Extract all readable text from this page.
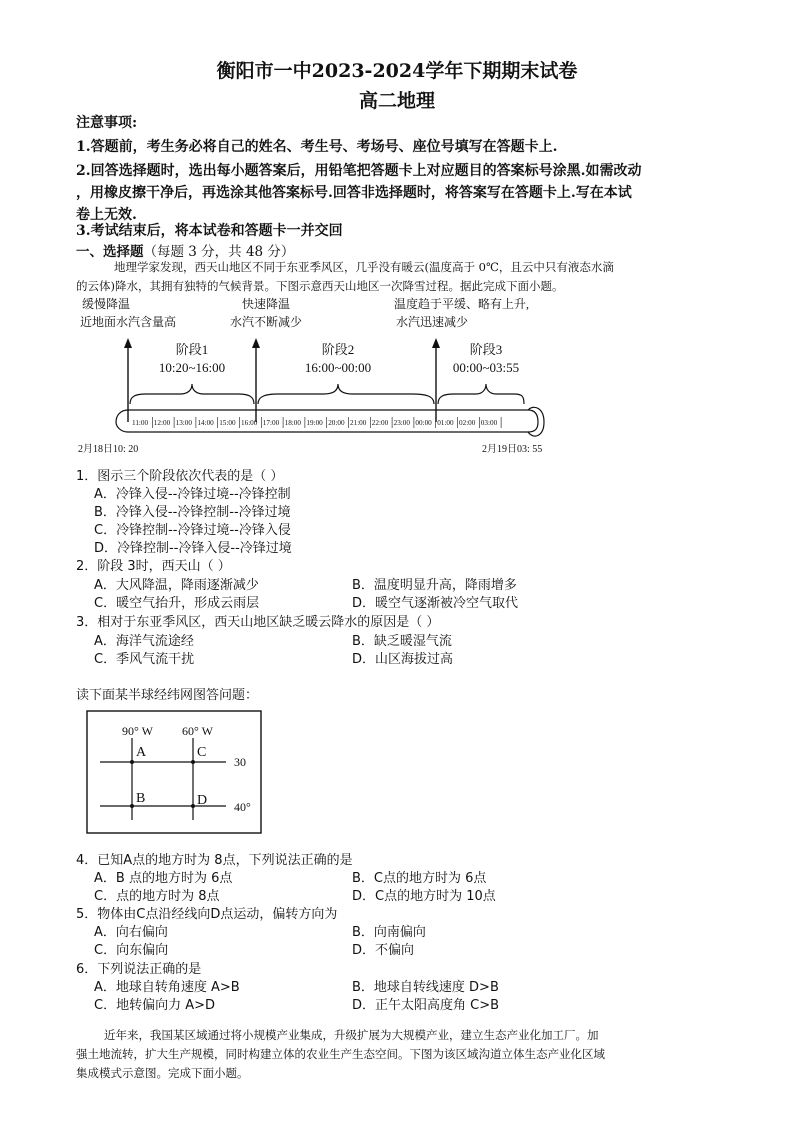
衡阳市一中2023-2024学年下期期末试卷
高二地理
注意事项:
1.答题前，考生务必将自己的姓名、考生号、考场号、座位号填写在答题卡上.
2.回答选择题时，选出每小题答案后，用铅笔把答题卡上对应题目的答案标号涂黑.如需改动
，用橡皮擦干净后，再选涂其他答案标号.回答非选择题时，将答案写在答题卡上.写在本试
卷上无效.
3.考试结束后，将本试卷和答题卡一并交回
一、选择题（每题 3 分，共 48 分）
地理学家发现，西天山地区不同于东亚季风区，几乎没有暖云(温度高于 0℃，且云中只有液态水滴
的云体)降水，其拥有独特的气候背景。下图示意西天山地区一次降雪过程。据此完成下面小题。
缓慢降温
近地面水汽含量高
快速降温
水汽不断减少
温度趋于平缓、略有上升,
水汽迅速减少
阶段1
10:20~16:00
阶段2
16:00~00:00
阶段3
00:00~03:55
11:00 12:00 13:00 14:00 15:00 16:00 17:00 18:00 19:00 20:00 21:00 22:00 23:00 00:00 01:00 02:00 03:00
2月18日10: 20	2月19日03: 55
1．图示三个阶段依次代表的是（ ）
A．冷锋入侵--冷锋过境--冷锋控制
B．冷锋入侵--冷锋控制--冷锋过境
C．冷锋控制--冷锋过境--冷锋入侵
D．冷锋控制--冷锋入侵--冷锋过境
2．阶段 3时，西天山（ ）
A．大风降温，降雨逐渐减少	B．温度明显升高，降雨增多
C．暖空气抬升，形成云雨层	D．暖空气逐渐被冷空气取代
3．相对于东亚季风区，西天山地区缺乏暖云降水的原因是（ ）
A．海洋气流途经	B．缺乏暖湿气流
C．季风气流干扰	D．山区海拔过高
读下面某半球经纬网图答问题：
90° W 60° W
30
40°
A	C
B	D
4．已知A点的地方时为 8点，下列说法正确的是
A．B 点的地方时为 6点	B．C点的地方时为 6点
C．点的地方时为 8点	D．C点的地方时为 10点
5．物体由C点沿经线向D点运动，偏转方向为
A．向右偏向	B．向南偏向
C．向东偏向	D．不偏向
6．下列说法正确的是
A．地球自转角速度 A>B	B．地球自转线速度 D>B
C．地转偏向力 A>D	D．正午太阳高度角 C>B
近年来，我国某区域通过将小规模产业集成，升级扩展为大规模产业，建立生态产业化加工厂。加
强土地流转，扩大生产规模，同时构建立体的农业生产生态空间。下图为该区域沟道立体生态产业化区域
集成模式示意图。完成下面小题。
